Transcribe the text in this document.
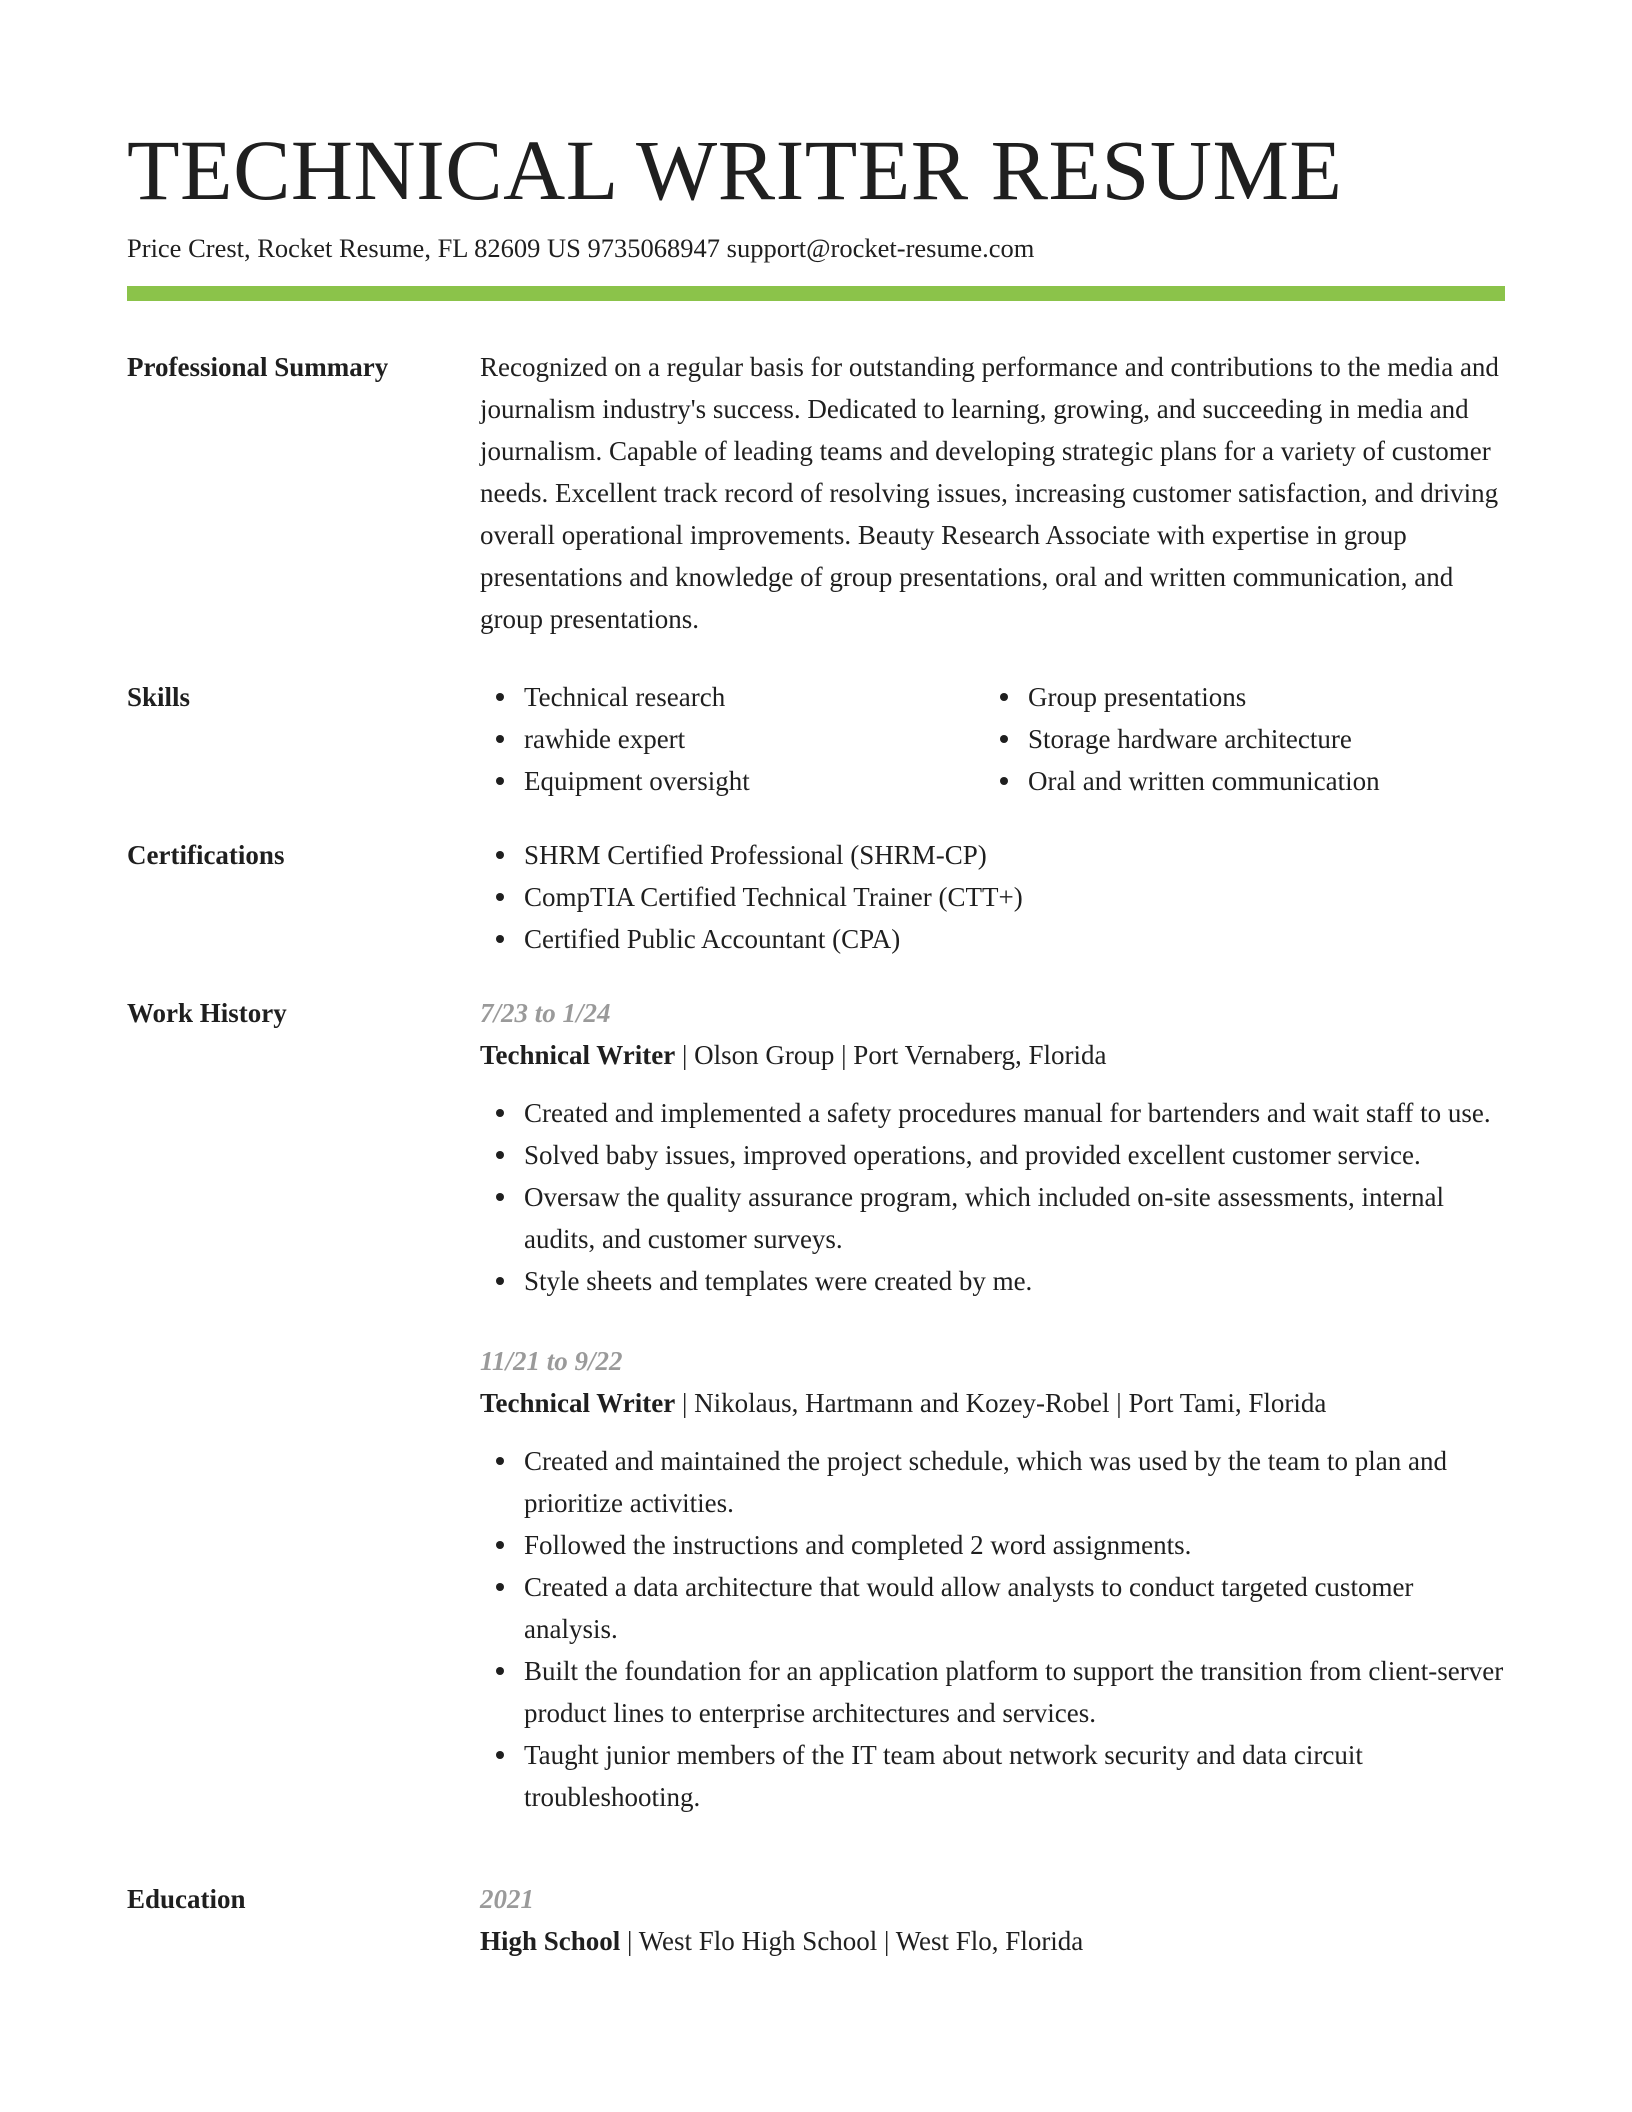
TECHNICAL WRITER RESUME
Price Crest, Rocket Resume, FL 82609 US 9735068947 support@rocket-resume.com
Professional Summary	Recognized on a regular basis for outstanding performance and contributions to the media and journalism industry's success. Dedicated to learning, growing, and succeeding in media and journalism. Capable of leading teams and developing strategic plans for a variety of customer needs. Excellent track record of resolving issues, increasing customer satisfaction, and driving overall operational improvements. Beauty Research Associate with expertise in group presentations and knowledge of group presentations, oral and written communication, and group presentations.

Skills	Technical research
rawhide expert
Equipment oversight
Group presentations
Storage hardware architecture
Oral and written communication
Certifications	SHRM Certified Professional (SHRM-CP)
CompTIA Certified Technical Trainer (CTT+)
Certified Public Accountant (CPA)
Work History	7/23 to 1/24
Technical Writer | Olson Group | Port Vernaberg, Florida
Created and implemented a safety procedures manual for bartenders and wait staff to use.
Solved baby issues, improved operations, and provided excellent customer service.
Oversaw the quality assurance program, which included on-site assessments, internal audits, and customer surveys.
Style sheets and templates were created by me.
11/21 to 9/22
Technical Writer | Nikolaus, Hartmann and Kozey-Robel | Port Tami, Florida
Created and maintained the project schedule, which was used by the team to plan and prioritize activities.
Followed the instructions and completed 2 word assignments.
Created a data architecture that would allow analysts to conduct targeted customer analysis.
Built the foundation for an application platform to support the transition from client-server product lines to enterprise architectures and services.
Taught junior members of the IT team about network security and data circuit troubleshooting.
Education	2021
High School | West Flo High School | West Flo, Florida
